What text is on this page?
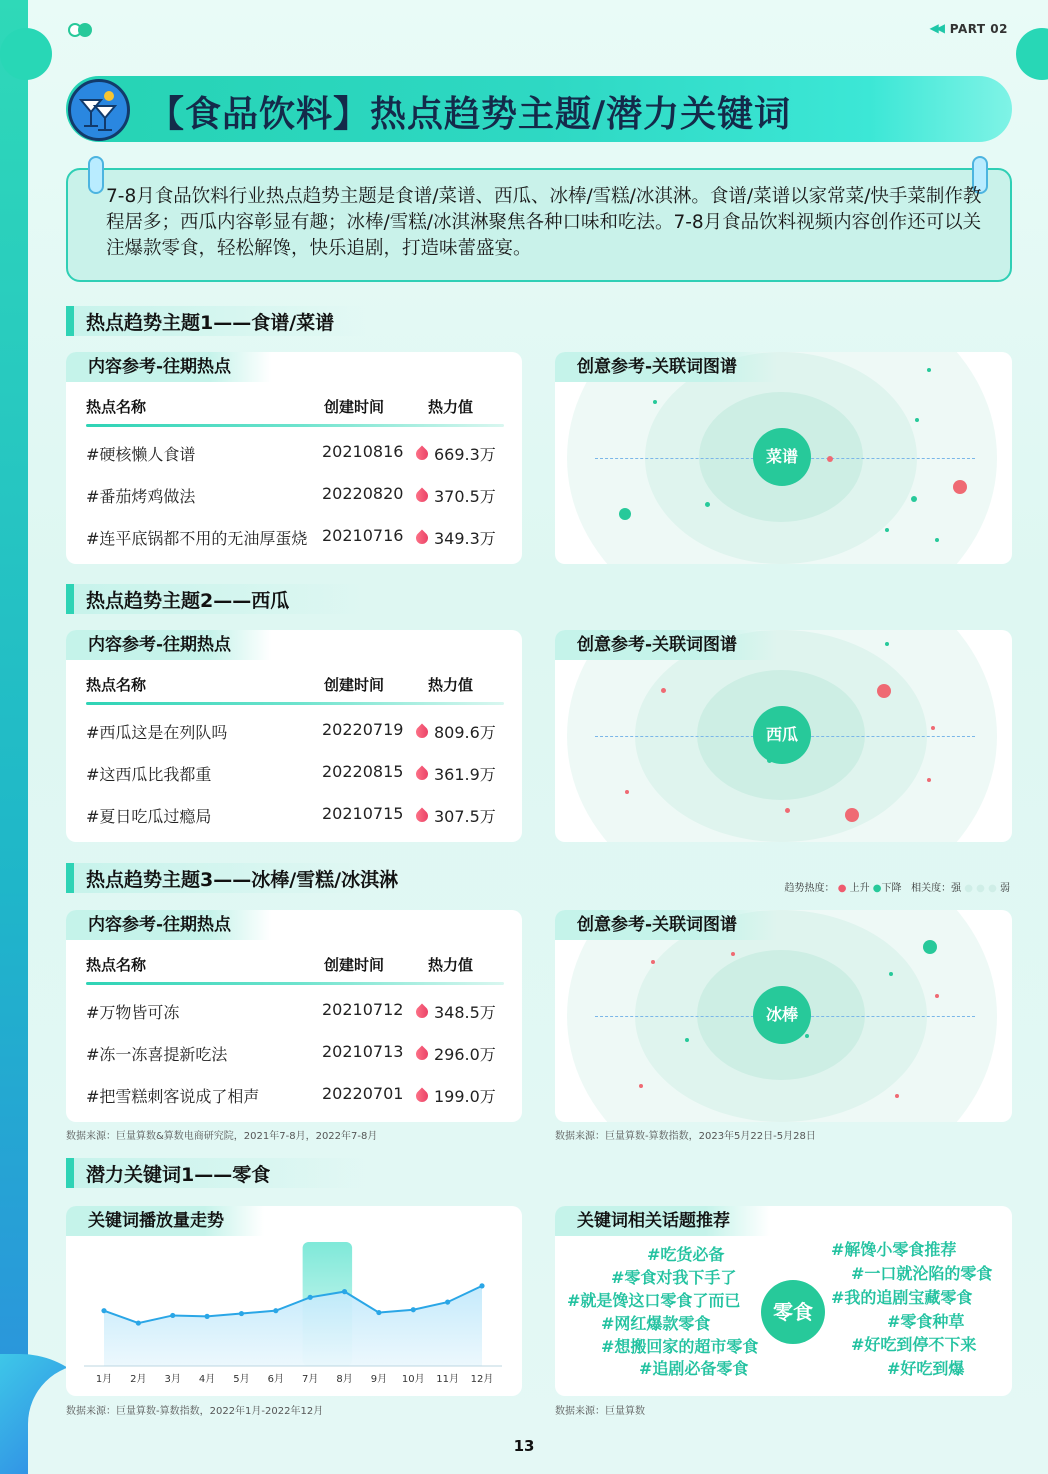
◀◀ PART 02
【食品饮料】热点趋势主题/潜力关键词
7-8月食品饮料行业热点趋势主题是食谱/菜谱、西瓜、冰棒/雪糕/冰淇淋。食谱/菜谱以家常菜/快手菜制作教程居多；西瓜内容彰显有趣；冰棒/雪糕/冰淇淋聚焦各种口味和吃法。7-8月食品饮料视频内容创作还可以关注爆款零食，轻松解馋，快乐追剧，打造味蕾盛宴。
热点趋势主题1——食谱/菜谱
内容参考-往期热点
热点名称	创建时间	热力值
#硬核懒人食谱	20210816 669.3万
#番茄烤鸡做法	20220820 370.5万
#连平底锅都不用的无油厚蛋烧 20210716 349.3万
菜谱
创意参考-关联词图谱
热点趋势主题2——西瓜
内容参考-往期热点
热点名称	创建时间	热力值
#西瓜这是在列队吗	20220719 809.6万
#这西瓜比我都重	20220815 361.9万
#夏日吃瓜过瘾局	20210715 307.5万
西瓜
创意参考-关联词图谱
热点趋势主题3——冰棒/雪糕/冰淇淋	趋势热度： ● 上升 ●下降 相关度：强 ● ● ● 弱
内容参考-往期热点
热点名称	创建时间	热力值
#万物皆可冻	20210712 348.5万
#冻一冻喜提新吃法	20210713 296.0万
#把雪糕刺客说成了相声	20220701 199.0万
冰棒
创意参考-关联词图谱
数据来源：巨量算数&算数电商研究院，2021年7-8月，2022年7-8月	数据来源：巨量算数-算数指数，2023年5月22日-5月28日
潜力关键词1——零食
关键词播放量走势
1月 2月 3月 4月 5月 6月 7月 8月 9月 10月 11月 12月
数据来源：巨量算数-算数指数，2022年1月-2022年12月
关键词相关话题推荐
零食
#吃货必备
#零食对我下手了
#就是馋这口零食了而已
#网红爆款零食
#想搬回家的超市零食
#追剧必备零食
#解馋小零食推荐
#一口就沦陷的零食
#我的追剧宝藏零食
#零食种草
#好吃到停不下来
#好吃到爆
数据来源：巨量算数
13
